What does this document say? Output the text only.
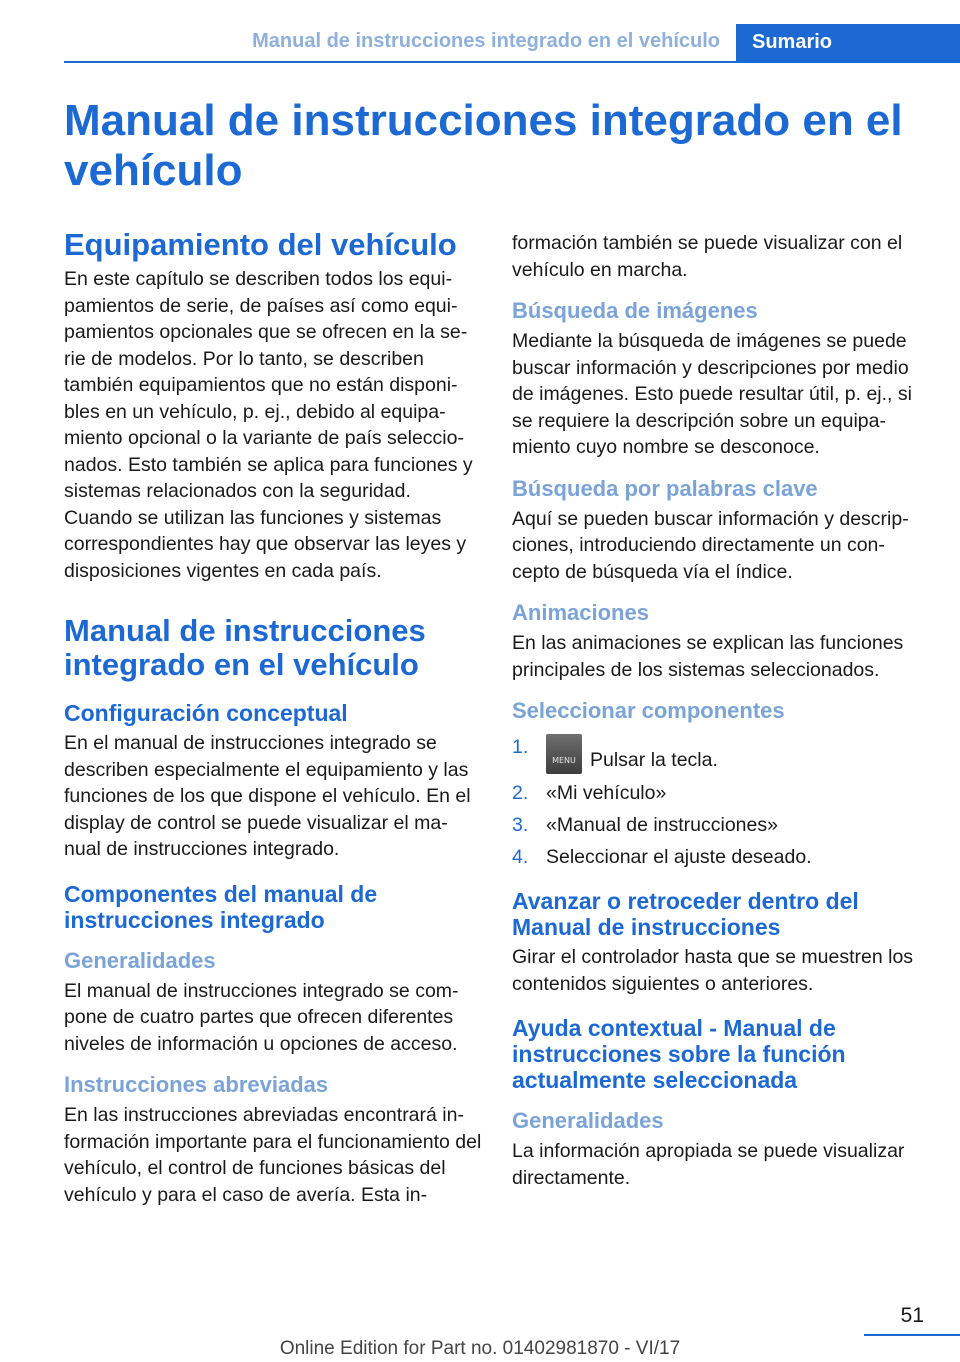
Manual de instrucciones integrado en el vehículo	Sumario
Manual de instrucciones integrado en el vehículo
Equipamiento del vehículo

En este capítulo se describen todos los equi-pamientos de serie, de países así como equi-pamientos opcionales que se ofrecen en la se-rie de modelos. Por lo tanto, se describen también equipamientos que no están disponi-bles en un vehículo, p. ej., debido al equipa-miento opcional o la variante de país seleccio-nados. Esto también se aplica para funciones y sistemas relacionados con la seguridad. Cuando se utilizan las funciones y sistemas correspondientes hay que observar las leyes y disposiciones vigentes en cada país.

Manual de instrucciones integrado en el vehículo
Configuración conceptual

En el manual de instrucciones integrado se describen especialmente el equipamiento y las funciones de los que dispone el vehículo. En el display de control se puede visualizar el ma-nual de instrucciones integrado.

Componentes del manual de instrucciones integrado
Generalidades

El manual de instrucciones integrado se com-pone de cuatro partes que ofrecen diferentes niveles de información u opciones de acceso.

Instrucciones abreviadas

En las instrucciones abreviadas encontrará in-formación importante para el funcionamiento del vehículo, el control de funciones básicas del vehículo y para el caso de avería. Esta in-

formación también se puede visualizar con el vehículo en marcha.

Búsqueda de imágenes

Mediante la búsqueda de imágenes se puede buscar información y descripciones por medio de imágenes. Esto puede resultar útil, p. ej., si se requiere la descripción sobre un equipa-miento cuyo nombre se desconoce.

Búsqueda por palabras clave

Aquí se pueden buscar información y descrip-ciones, introduciendo directamente un con-cepto de búsqueda vía el índice.

Animaciones

En las animaciones se explican las funciones principales de los sistemas seleccionados.

Seleccionar componentes
1.
MENU Pulsar la tecla.
2. «Mi vehículo»
3. «Manual de instrucciones»
4. Seleccionar el ajuste deseado.
Avanzar o retroceder dentro del Manual de instrucciones

Girar el controlador hasta que se muestren los contenidos siguientes o anteriores.

Ayuda contextual - Manual de instrucciones sobre la función actualmente seleccionada
Generalidades

La información apropiada se puede visualizar directamente.

51
Online Edition for Part no. 01402981870 - VI/17
